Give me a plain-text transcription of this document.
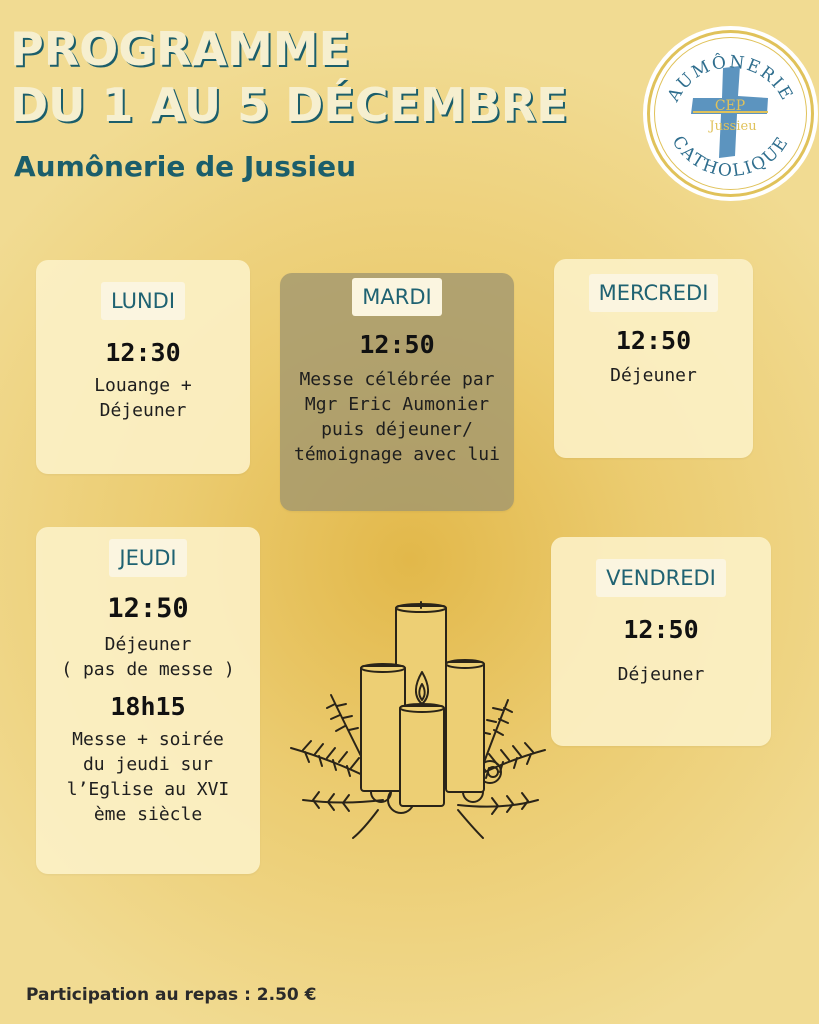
PROGRAMME
DU 1 AU 5 DÉCEMBRE
Aumônerie de Jussieu
AUMÔNERIE
CATHOLIQUE
CEP
Jussieu
LUNDI
12:30
Louange +
Déjeuner
MARDI
12:50
Messe célébrée par
Mgr Eric Aumonier
puis déjeuner/
témoignage avec lui
MERCREDI
12:50
Déjeuner
JEUDI
12:50
Déjeuner
( pas de messe )
18h15
Messe + soirée
du jeudi sur
l’Eglise au XVI
ème siècle
VENDREDI
12:50
Déjeuner

Participation au repas : 2.50 €
